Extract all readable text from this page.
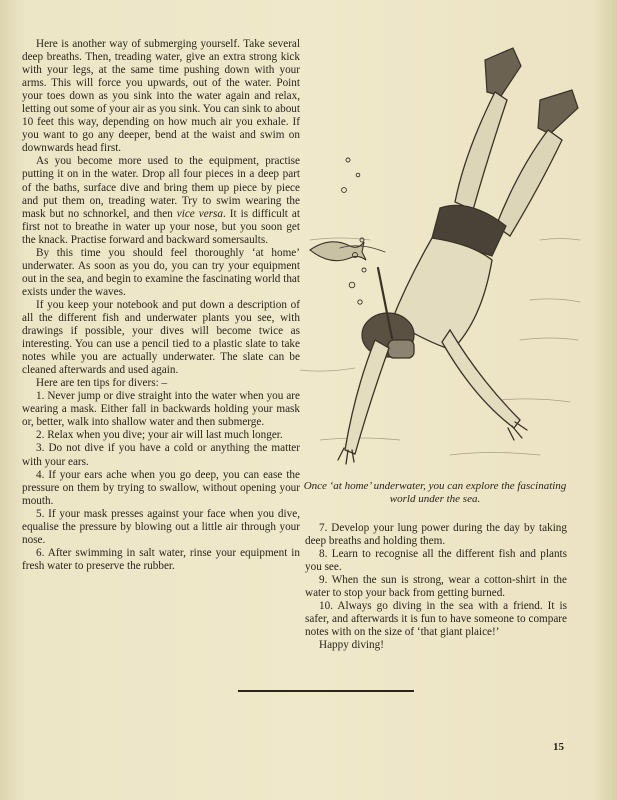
Here is another way of submerging yourself. Take several deep breaths. Then, treading water, give an extra strong kick with your legs, at the same time pushing down with your arms. This will force you upwards, out of the water. Point your toes down as you sink into the water again and relax, letting out some of your air as you sink. You can sink to about 10 feet this way, depending on how much air you exhale. If you want to go any deeper, bend at the waist and swim on downwards head first.

As you become more used to the equipment, practise putting it on in the water. Drop all four pieces in a deep part of the baths, surface dive and bring them up piece by piece and put them on, treading water. Try to swim wearing the mask but no schnorkel, and then vice versa. It is difficult at first not to breathe in water up your nose, but you soon get the knack. Practise forward and backward somersaults.

By this time you should feel thoroughly ‘at home’ underwater. As soon as you do, you can try your equipment out in the sea, and begin to examine the fascinating world that exists under the waves.

If you keep your notebook and put down a description of all the different fish and underwater plants you see, with drawings if possible, your dives will become twice as interesting. You can use a pencil tied to a plastic slate to take notes while you are actually underwater. The slate can be cleaned afterwards and used again.

Here are ten tips for divers: –

1. Never jump or dive straight into the water when you are wearing a mask. Either fall in backwards holding your mask or, better, walk into shallow water and then submerge.

2. Relax when you dive; your air will last much longer.

3. Do not dive if you have a cold or anything the matter with your ears.

4. If your ears ache when you go deep, you can ease the pressure on them by trying to swallow, without opening your mouth.

5. If your mask presses against your face when you dive, equalise the pressure by blowing out a little air through your nose.

6. After swimming in salt water, rinse your equipment in fresh water to preserve the rubber.

Once ‘at home’ underwater, you can explore the fascinating world under the sea.

7. Develop your lung power during the day by taking deep breaths and holding them.

8. Learn to recognise all the different fish and plants you see.

9. When the sun is strong, wear a cotton-shirt in the water to stop your back from getting burned.

10. Always go diving in the sea with a friend. It is safer, and afterwards it is fun to have someone to compare notes with on the size of ‘that giant plaice!’

Happy diving!

15
